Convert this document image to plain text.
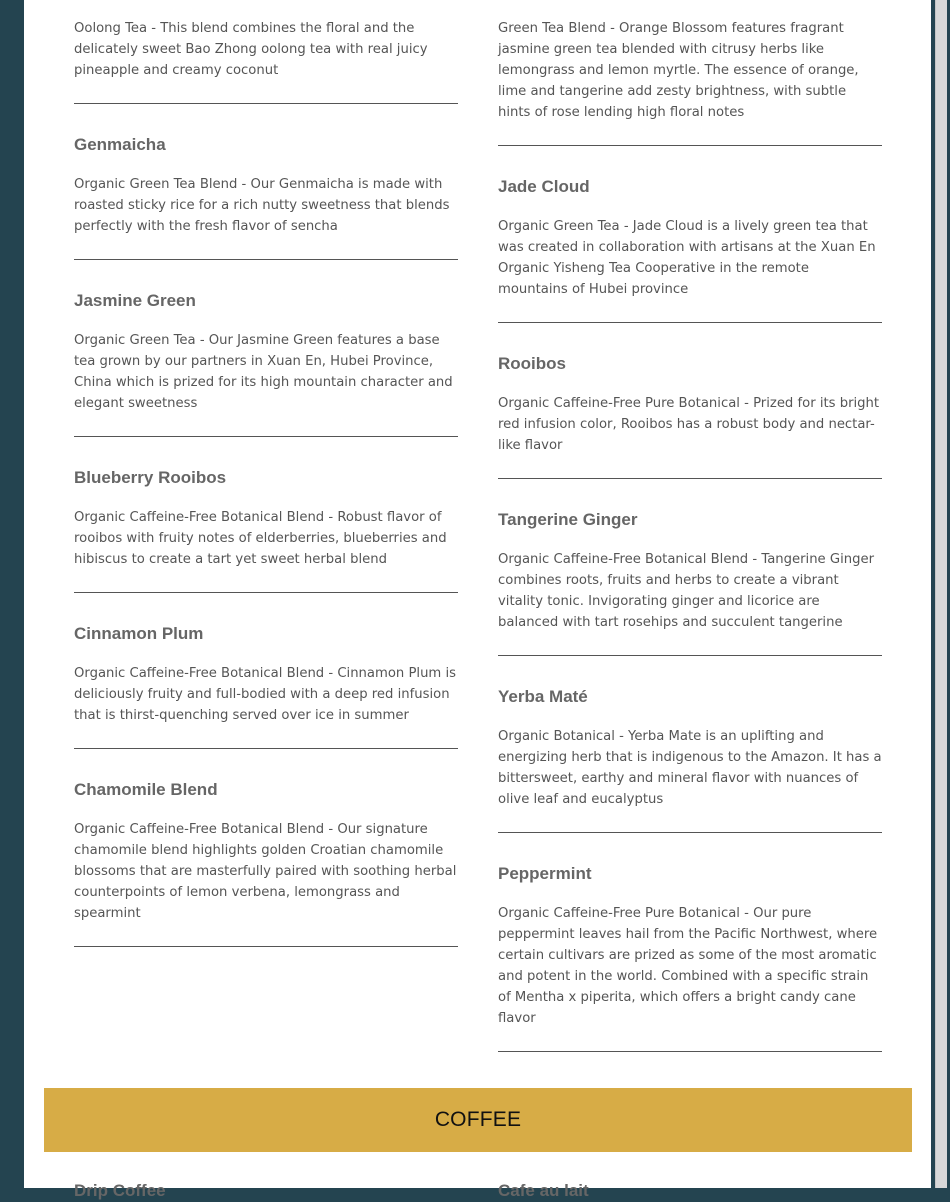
Oolong Tea - This blend combines the floral and the delicately sweet Bao Zhong oolong tea with real juicy pineapple and creamy coconut

Genmaicha

Organic Green Tea Blend - Our Genmaicha is made with roasted sticky rice for a rich nutty sweetness that blends perfectly with the fresh flavor of sencha

Jasmine Green

Organic Green Tea - Our Jasmine Green features a base tea grown by our partners in Xuan En, Hubei Province, China which is prized for its high mountain character and elegant sweetness

Blueberry Rooibos

Organic Caffeine-Free Botanical Blend - Robust flavor of rooibos with fruity notes of elderberries, blueberries and hibiscus to create a tart yet sweet herbal blend

Cinnamon Plum

Organic Caffeine-Free Botanical Blend - Cinnamon Plum is deliciously fruity and full-bodied with a deep red infusion that is thirst-quenching served over ice in summer

Chamomile Blend

Organic Caffeine-Free Botanical Blend - Our signature chamomile blend highlights golden Croatian chamomile blossoms that are masterfully paired with soothing herbal counterpoints of lemon verbena, lemongrass and spearmint

Green Tea Blend - Orange Blossom features fragrant jasmine green tea blended with citrusy herbs like lemongrass and lemon myrtle. The essence of orange, lime and tangerine add zesty brightness, with subtle hints of rose lending high floral notes

Jade Cloud

Organic Green Tea - Jade Cloud is a lively green tea that was created in collaboration with artisans at the Xuan En Organic Yisheng Tea Cooperative in the remote mountains of Hubei province

Rooibos

Organic Caffeine-Free Pure Botanical - Prized for its bright red infusion color, Rooibos has a robust body and nectar-like flavor

Tangerine Ginger

Organic Caffeine-Free Botanical Blend - Tangerine Ginger combines roots, fruits and herbs to create a vibrant vitality tonic. Invigorating ginger and licorice are balanced with tart rosehips and succulent tangerine

Yerba Maté

Organic Botanical - Yerba Mate is an uplifting and energizing herb that is indigenous to the Amazon. It has a bittersweet, earthy and mineral flavor with nuances of olive leaf and eucalyptus

Peppermint

Organic Caffeine-Free Pure Botanical - Our pure peppermint leaves hail from the Pacific Northwest, where certain cultivars are prized as some of the most aromatic and potent in the world. Combined with a specific strain of Mentha x piperita, which offers a bright candy cane flavor

COFFEE
Drip Coffee	Cafe au lait
